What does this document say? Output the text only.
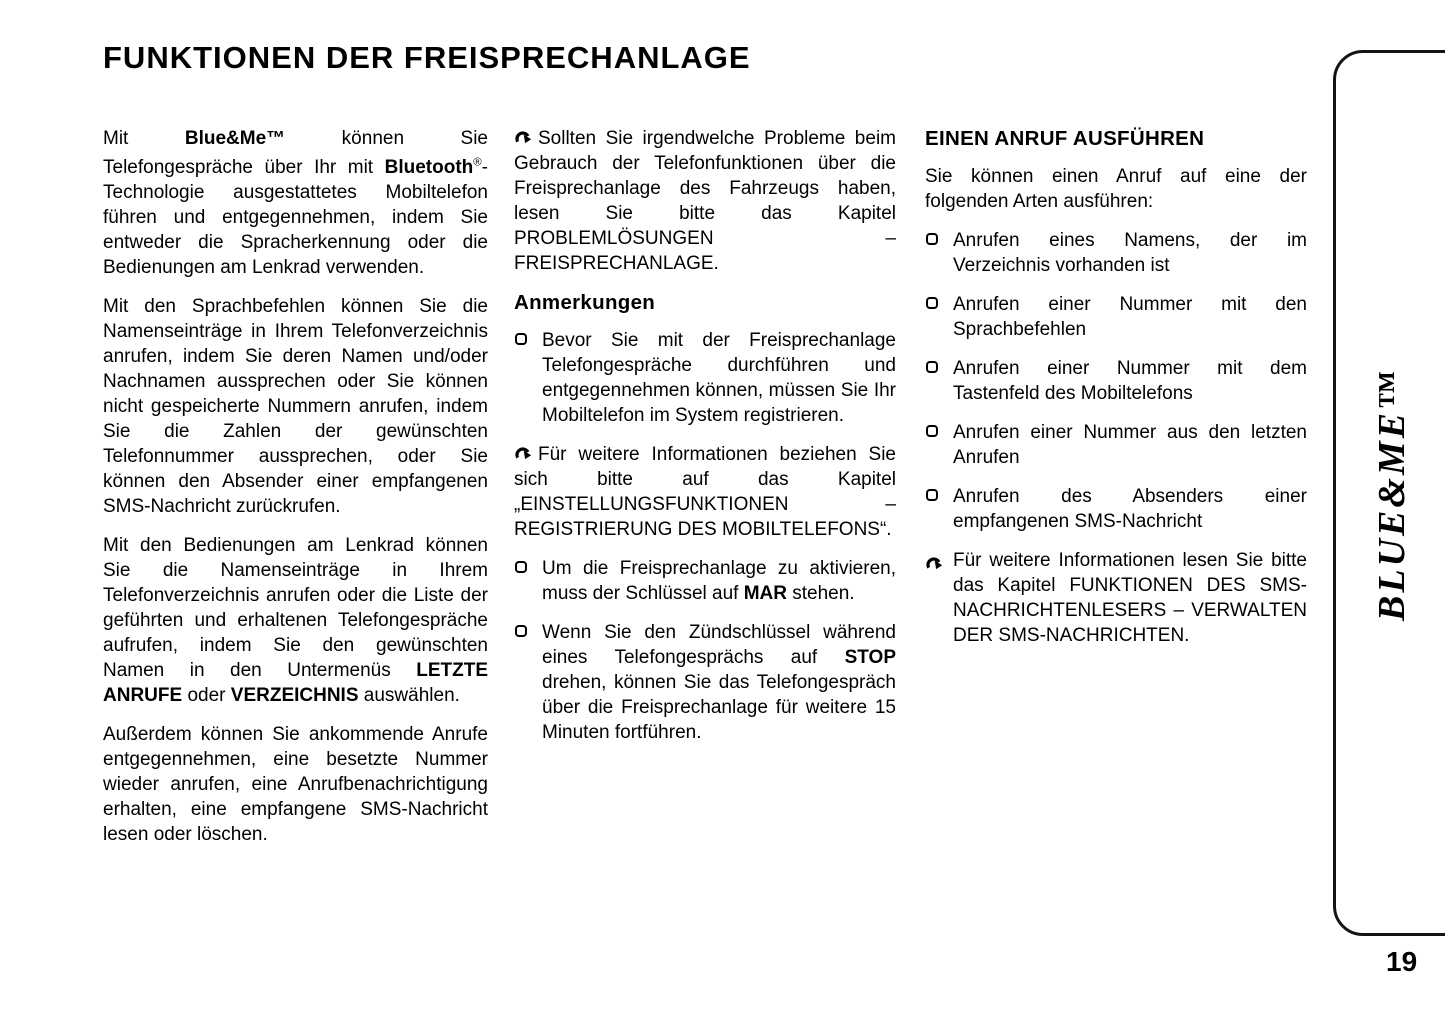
FUNKTIONEN DER FREISPRECHANLAGE
Mit Blue&Me™ können Sie Telefongespräche über Ihr mit Bluetooth®-Technologie ausgestattetes Mobiltelefon führen und entgegennehmen, indem Sie entweder die Spracherkennung oder die Bedienungen am Lenkrad verwenden.
Mit den Sprachbefehlen können Sie die Namenseinträge in Ihrem Telefonverzeichnis anrufen, indem Sie deren Namen und/oder Nachnamen aussprechen oder Sie können nicht gespeicherte Nummern anrufen, indem Sie die Zahlen der gewünschten Telefonnummer aussprechen, oder Sie können den Absender einer empfangenen SMS-Nachricht zurückrufen.
Mit den Bedienungen am Lenkrad können Sie die Namenseinträge in Ihrem Telefonverzeichnis anrufen oder die Liste der geführten und erhaltenen Telefongespräche aufrufen, indem Sie den gewünschten Namen in den Untermenüs LETZTE ANRUFE oder VERZEICHNIS auswählen.
Außerdem können Sie ankommende Anrufe entgegennehmen, eine besetzte Nummer wieder anrufen, eine Anrufbenachrichtigung erhalten, eine empfangene SMS-Nachricht lesen oder löschen.
Sollten Sie irgendwelche Probleme beim Gebrauch der Telefonfunktionen über die Freisprechanlage des Fahrzeugs haben, lesen Sie bitte das Kapitel PROBLEMLÖSUNGEN – FREISPRECHANLAGE.
Anmerkungen
Bevor Sie mit der Freisprechanlage Telefongespräche durchführen und entgegennehmen können, müssen Sie Ihr Mobiltelefon im System registrieren.
Für weitere Informationen beziehen Sie sich bitte auf das Kapitel „EINSTELLUNGSFUNKTIONEN – REGISTRIERUNG DES MOBILTELEFONS“.
Um die Freisprechanlage zu aktivieren, muss der Schlüssel auf MAR stehen.
Wenn Sie den Zündschlüssel während eines Telefongesprächs auf STOP drehen, können Sie das Telefongespräch über die Freisprechanlage für weitere 15 Minuten fortführen.
EINEN ANRUF AUSFÜHREN
Sie können einen Anruf auf eine der folgenden Arten ausführen:
Anrufen eines Namens, der im Verzeichnis vorhanden ist
Anrufen einer Nummer mit den Sprachbefehlen
Anrufen einer Nummer mit dem Tastenfeld des Mobiltelefons
Anrufen einer Nummer aus den letzten Anrufen
Anrufen des Absenders einer empfangenen SMS-Nachricht
Für weitere Informationen lesen Sie bitte das Kapitel FUNKTIONEN DES SMS-NACHRICHTENLESERS – VERWALTEN DER SMS-NACHRICHTEN.
BLUE&ME™
19
